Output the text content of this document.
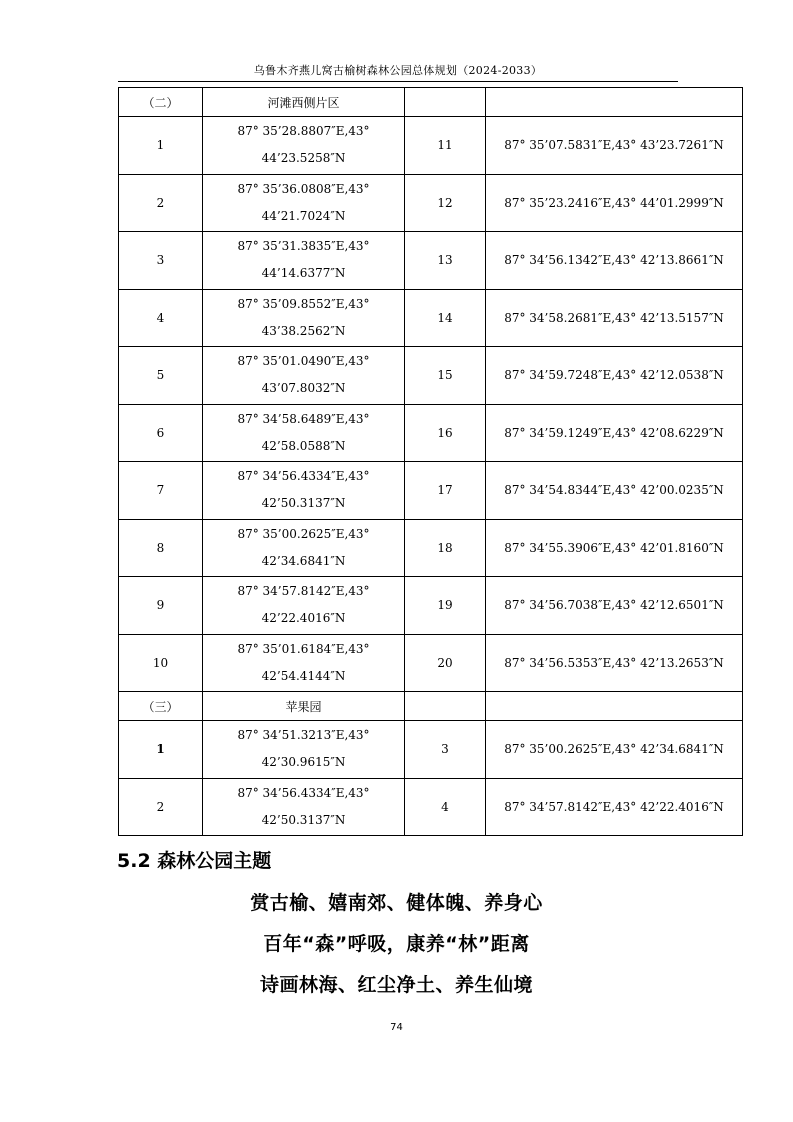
乌鲁木齐燕儿窝古榆树森林公园总体规划（2024-2033）
（二）	河滩西侧片区		
1	87° 35’28.8807″E,43°
44’23.5258″N	11	87° 35’07.5831″E,43° 43’23.7261″N
2	87° 35’36.0808″E,43°
44’21.7024″N	12	87° 35’23.2416″E,43° 44’01.2999″N
3	87° 35’31.3835″E,43°
44’14.6377″N	13	87° 34’56.1342″E,43° 42’13.8661″N
4	87° 35’09.8552″E,43°
43’38.2562″N	14	87° 34’58.2681″E,43° 42’13.5157″N
5	87° 35’01.0490″E,43°
43’07.8032″N	15	87° 34’59.7248″E,43° 42’12.0538″N
6	87° 34’58.6489″E,43°
42’58.0588″N	16	87° 34’59.1249″E,43° 42’08.6229″N
7	87° 34’56.4334″E,43°
42’50.3137″N	17	87° 34’54.8344″E,43° 42’00.0235″N
8	87° 35’00.2625″E,43°
42’34.6841″N	18	87° 34’55.3906″E,43° 42’01.8160″N
9	87° 34’57.8142″E,43°
42’22.4016″N	19	87° 34’56.7038″E,43° 42’12.6501″N
10	87° 35’01.6184″E,43°
42’54.4144″N	20	87° 34’56.5353″E,43° 42’13.2653″N
（三）	苹果园		
1	87° 34’51.3213″E,43°
42’30.9615″N	3	87° 35’00.2625″E,43° 42’34.6841″N
2	87° 34’56.4334″E,43°
42’50.3137″N	4	87° 34’57.8142″E,43° 42’22.4016″N
5.2 森林公园主题
赏古榆、嬉南郊、健体魄、养身心
百年“森”呼吸，康养“林”距离
诗画林海、红尘净土、养生仙境
74
